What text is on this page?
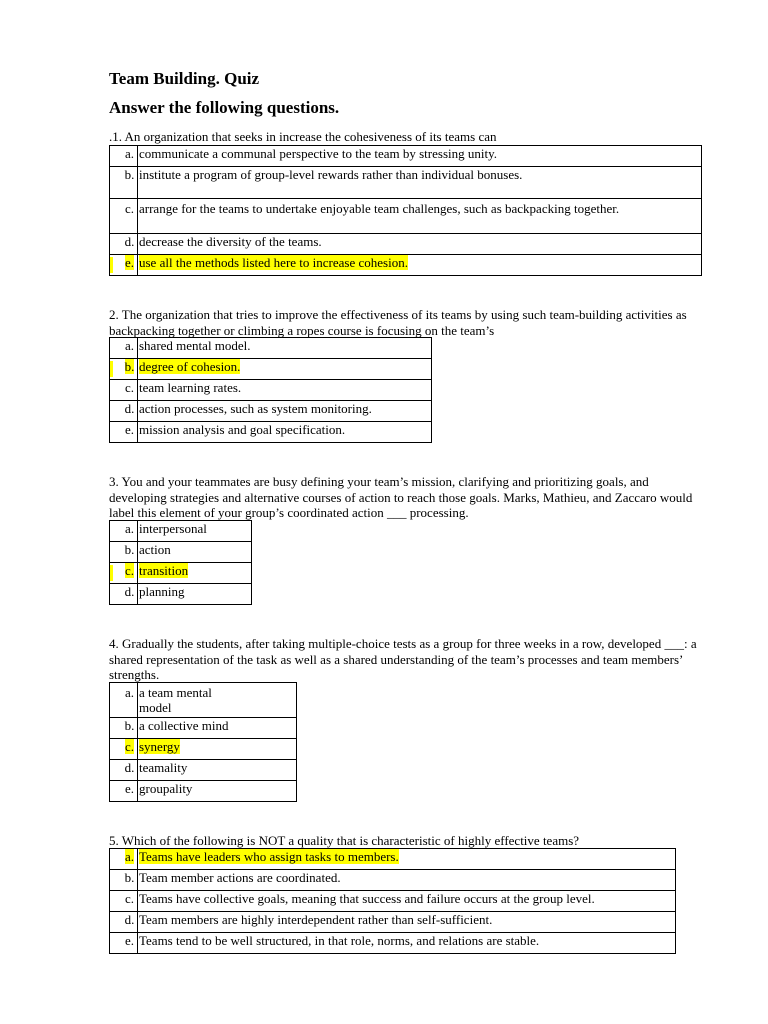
Team Building. Quiz
Answer the following questions.
.1. An organization that seeks in increase the cohesiveness of its teams can
a.	communicate a communal perspective to the team by stressing unity.
b.	institute a program of group-level rewards rather than individual bonuses.
c.	arrange for the teams to undertake enjoyable team challenges, such as backpacking together.
d.	decrease the diversity of the teams.

e.	use all the methods listed here to increase cohesion.
2. The organization that tries to improve the effectiveness of its teams by using such team-building activities as backpacking together or climbing a ropes course is focusing on the team’s
a.	shared mental model.

b.	degree of cohesion.
c.	team learning rates.
d.	action processes, such as system monitoring.
e.	mission analysis and goal specification.
3. You and your teammates are busy defining your team’s mission, clarifying and prioritizing goals, and developing strategies and alternative courses of action to reach those goals. Marks, Mathieu, and Zaccaro would label this element of your group’s coordinated action ___ processing.
a.	interpersonal
b.	action

c.	transition
d.	planning
4. Gradually the students, after taking multiple-choice tests as a group for three weeks in a row, developed ___: a shared representation of the task as well as a shared understanding of the team’s processes and team members’ strengths.
a.	a team mental model
b.	a collective mind
c.	synergy
d.	teamality
e.	groupality
5. Which of the following is NOT a quality that is characteristic of highly effective teams?
a.	Teams have leaders who assign tasks to members.
b.	Team member actions are coordinated.
c.	Teams have collective goals, meaning that success and failure occurs at the group level.
d.	Team members are highly interdependent rather than self-sufficient.
e.	Teams tend to be well structured, in that role, norms, and relations are stable.
